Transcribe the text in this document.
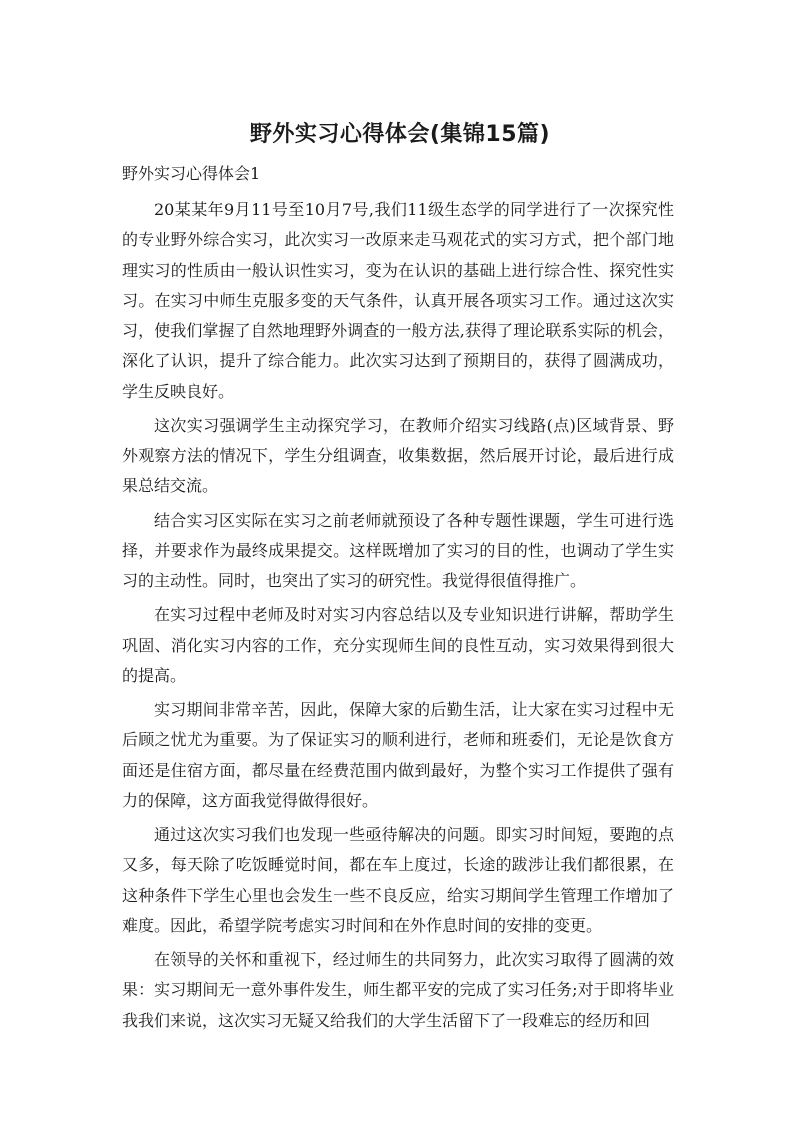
野外实习心得体会(集锦15篇)
野外实习心得体会1

20某某年9月11号至10月7号,我们11级生态学的同学进行了一次探究性的专业野外综合实习，此次实习一改原来走马观花式的实习方式，把个部门地理实习的性质由一般认识性实习，变为在认识的基础上进行综合性、探究性实习。在实习中师生克服多变的天气条件，认真开展各项实习工作。通过这次实习，使我们掌握了自然地理野外调查的一般方法,获得了理论联系实际的机会，深化了认识，提升了综合能力。此次实习达到了预期目的，获得了圆满成功，学生反映良好。

这次实习强调学生主动探究学习，在教师介绍实习线路(点)区域背景、野外观察方法的情况下，学生分组调查，收集数据，然后展开讨论，最后进行成果总结交流。

结合实习区实际在实习之前老师就预设了各种专题性课题，学生可进行选择，并要求作为最终成果提交。这样既增加了实习的目的性，也调动了学生实习的主动性。同时，也突出了实习的研究性。我觉得很值得推广。

在实习过程中老师及时对实习内容总结以及专业知识进行讲解，帮助学生巩固、消化实习内容的工作，充分实现师生间的良性互动，实习效果得到很大的提高。

实习期间非常辛苦，因此，保障大家的后勤生活，让大家在实习过程中无后顾之忧尤为重要。为了保证实习的顺利进行，老师和班委们，无论是饮食方面还是住宿方面，都尽量在经费范围内做到最好，为整个实习工作提供了强有力的保障，这方面我觉得做得很好。

通过这次实习我们也发现一些亟待解决的问题。即实习时间短，要跑的点又多，每天除了吃饭睡觉时间，都在车上度过，长途的跋涉让我们都很累，在这种条件下学生心里也会发生一些不良反应，给实习期间学生管理工作增加了难度。因此，希望学院考虑实习时间和在外作息时间的安排的变更。

在领导的关怀和重视下，经过师生的共同努力，此次实习取得了圆满的效果：实习期间无一意外事件发生，师生都平安的完成了实习任务;对于即将毕业我我们来说，这次实习无疑又给我们的大学生活留下了一段难忘的经历和回
